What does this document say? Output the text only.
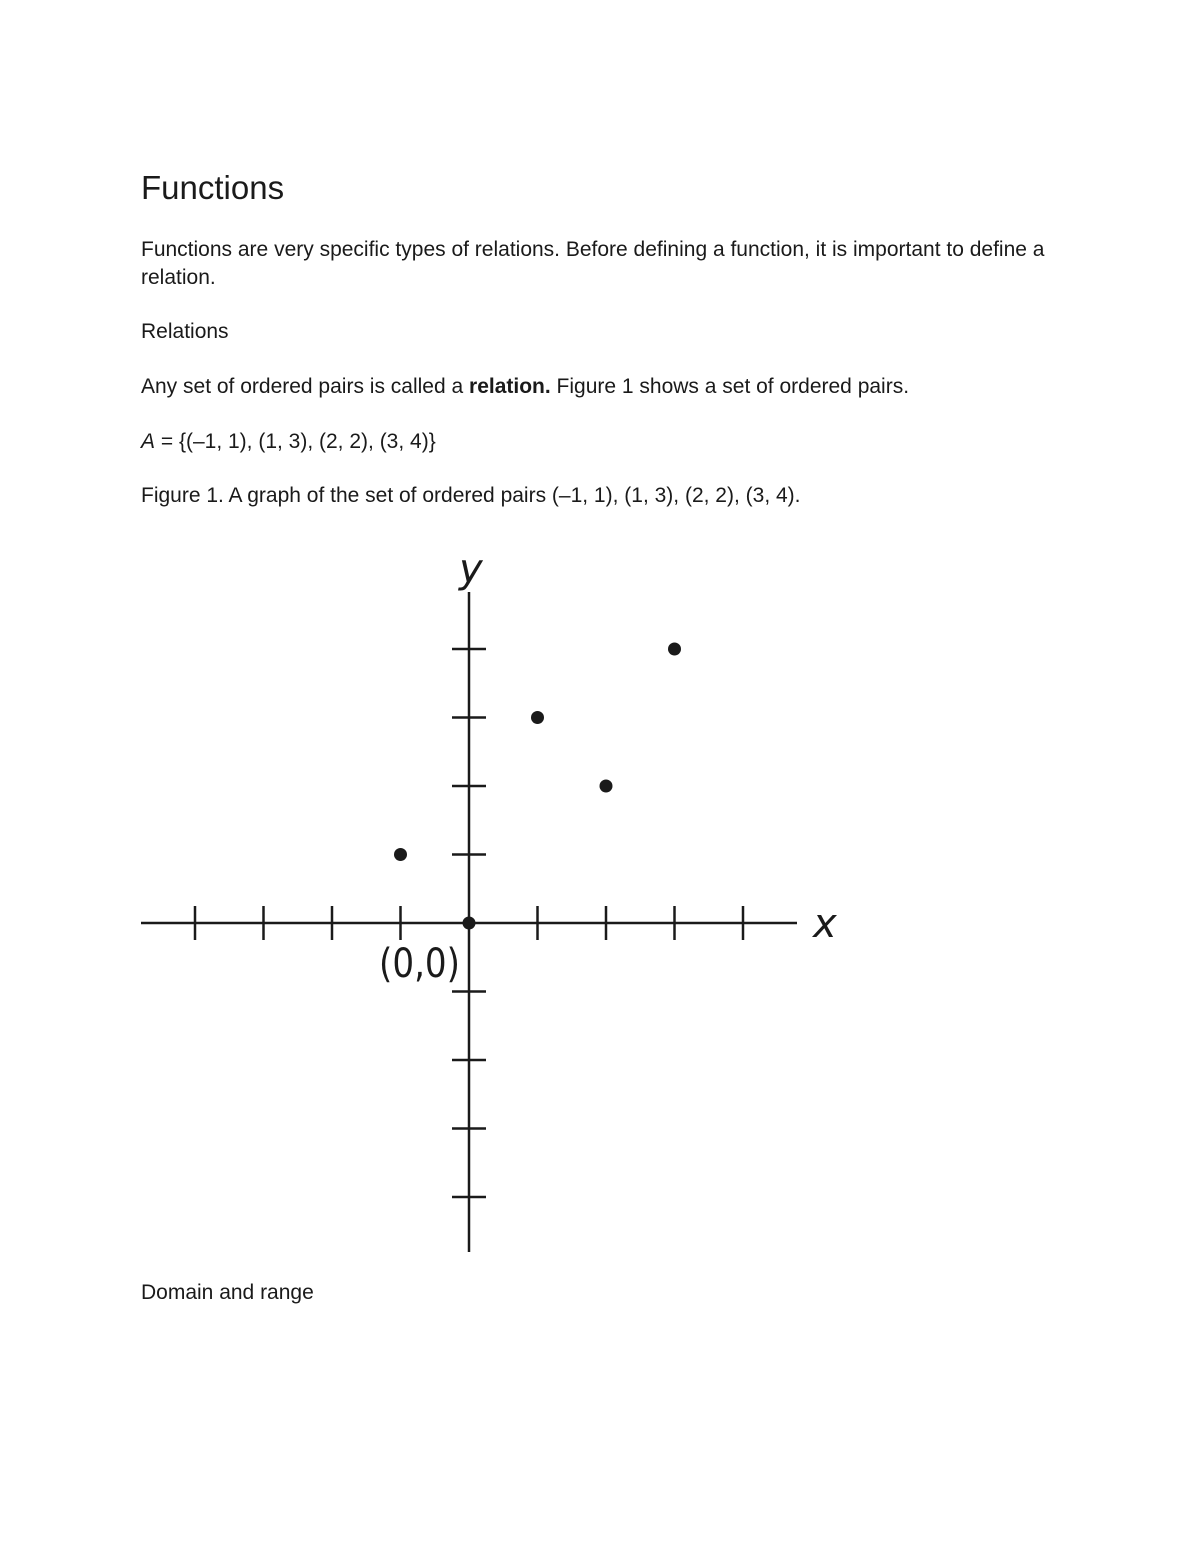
Functions

Functions are very specific types of relations. Before defining a function, it is important to define a relation.

Relations

Any set of ordered pairs is called a relation. Figure 1 shows a set of ordered pairs.

A = {(–1, 1), (1, 3), (2, 2), (3, 4)}

Figure 1. A graph of the set of ordered pairs (–1, 1), (1, 3), (2, 2), (3, 4).

x
y
(0,0)

Domain and range
